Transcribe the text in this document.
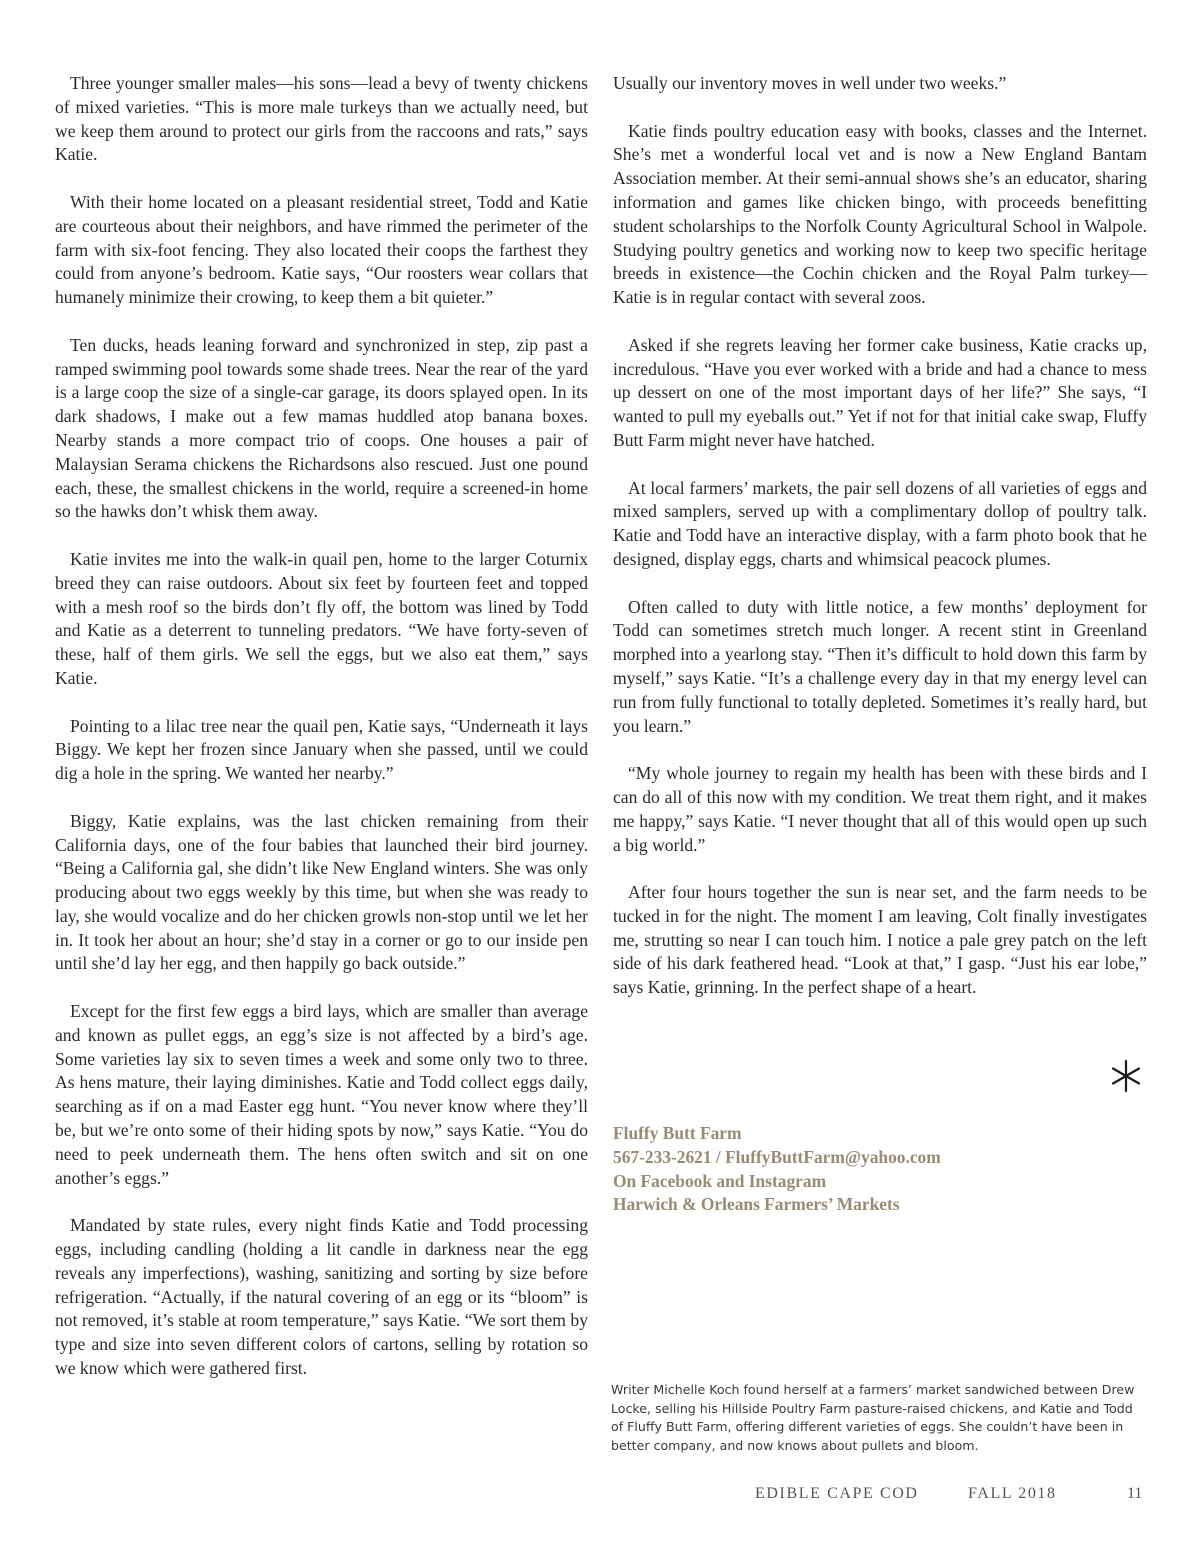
Three younger smaller males—his sons—lead a bevy of twenty chickens of mixed varieties. “This is more male turkeys than we actually need, but we keep them around to protect our girls from the raccoons and rats,” says Katie.

With their home located on a pleasant residential street, Todd and Katie are courteous about their neighbors, and have rimmed the perimeter of the farm with six-foot fencing. They also located their coops the farthest they could from anyone’s bedroom. Katie says, “Our roosters wear collars that humanely minimize their crowing, to keep them a bit quieter.”

Ten ducks, heads leaning forward and synchronized in step, zip past a ramped swimming pool towards some shade trees. Near the rear of the yard is a large coop the size of a single-car garage, its doors splayed open. In its dark shadows, I make out a few mamas huddled atop banana boxes. Nearby stands a more compact trio of coops. One houses a pair of Malaysian Serama chickens the Richardsons also rescued. Just one pound each, these, the smallest chickens in the world, require a screened-in home so the hawks don’t whisk them away.

Katie invites me into the walk-in quail pen, home to the larger Coturnix breed they can raise outdoors. About six feet by fourteen feet and topped with a mesh roof so the birds don’t fly off, the bottom was lined by Todd and Katie as a deterrent to tunneling predators. “We have forty-seven of these, half of them girls. We sell the eggs, but we also eat them,” says Katie.

Pointing to a lilac tree near the quail pen, Katie says, “Underneath it lays Biggy. We kept her frozen since January when she passed, until we could dig a hole in the spring. We wanted her nearby.”

Biggy, Katie explains, was the last chicken remaining from their California days, one of the four babies that launched their bird journey. “Being a California gal, she didn’t like New England winters. She was only producing about two eggs weekly by this time, but when she was ready to lay, she would vocalize and do her chicken growls non-stop until we let her in. It took her about an hour; she’d stay in a corner or go to our inside pen until she’d lay her egg, and then happily go back outside.”

Except for the first few eggs a bird lays, which are smaller than average and known as pullet eggs, an egg’s size is not affected by a bird’s age. Some varieties lay six to seven times a week and some only two to three. As hens mature, their laying diminishes. Katie and Todd collect eggs daily, searching as if on a mad Easter egg hunt. “You never know where they’ll be, but we’re onto some of their hiding spots by now,” says Katie. “You do need to peek underneath them. The hens often switch and sit on one another’s eggs.”

Mandated by state rules, every night finds Katie and Todd processing eggs, including candling (holding a lit candle in darkness near the egg reveals any imperfections), washing, sanitizing and sorting by size before refrigeration. “Actually, if the natural covering of an egg or its “bloom” is not removed, it’s stable at room temperature,” says Katie. “We sort them by type and size into seven different colors of cartons, selling by rotation so we know which were gathered first.

Usually our inventory moves in well under two weeks.”

Katie finds poultry education easy with books, classes and the Internet. She’s met a wonderful local vet and is now a New England Bantam Association member. At their semi-annual shows she’s an educator, sharing information and games like chicken bingo, with proceeds benefitting student scholarships to the Norfolk County Agricultural School in Walpole. Studying poultry genetics and working now to keep two specific heritage breeds in existence—the Cochin chicken and the Royal Palm turkey—Katie is in regular contact with several zoos.

Asked if she regrets leaving her former cake business, Katie cracks up, incredulous. “Have you ever worked with a bride and had a chance to mess up dessert on one of the most important days of her life?” She says, “I wanted to pull my eyeballs out.” Yet if not for that initial cake swap, Fluffy Butt Farm might never have hatched.

At local farmers’ markets, the pair sell dozens of all varieties of eggs and mixed samplers, served up with a complimentary dollop of poultry talk. Katie and Todd have an interactive display, with a farm photo book that he designed, display eggs, charts and whimsical peacock plumes.

Often called to duty with little notice, a few months’ deployment for Todd can sometimes stretch much longer. A recent stint in Greenland morphed into a yearlong stay. “Then it’s difficult to hold down this farm by myself,” says Katie. “It’s a challenge every day in that my energy level can run from fully functional to totally depleted. Sometimes it’s really hard, but you learn.”

“My whole journey to regain my health has been with these birds and I can do all of this now with my condition. We treat them right, and it makes me happy,” says Katie. “I never thought that all of this would open up such a big world.”

After four hours together the sun is near set, and the farm needs to be tucked in for the night. The moment I am leaving, Colt finally investigates me, strutting so near I can touch him. I notice a pale grey patch on the left side of his dark feathered head. “Look at that,” I gasp. “Just his ear lobe,” says Katie, grinning. In the perfect shape of a heart.

Fluffy Butt Farm
567-233-2621 / FluffyButtFarm@yahoo.com
On Facebook and Instagram
Harwich & Orleans Farmers’ Markets
Writer Michelle Koch found herself at a farmers’ market sandwiched between Drew Locke, selling his Hillside Poultry Farm pasture-raised chickens, and Katie and Todd of Fluffy Butt Farm, offering different varieties of eggs. She couldn’t have been in better company, and now knows about pullets and bloom.
EDIBLE CAPE COD	FALL 2018	11
